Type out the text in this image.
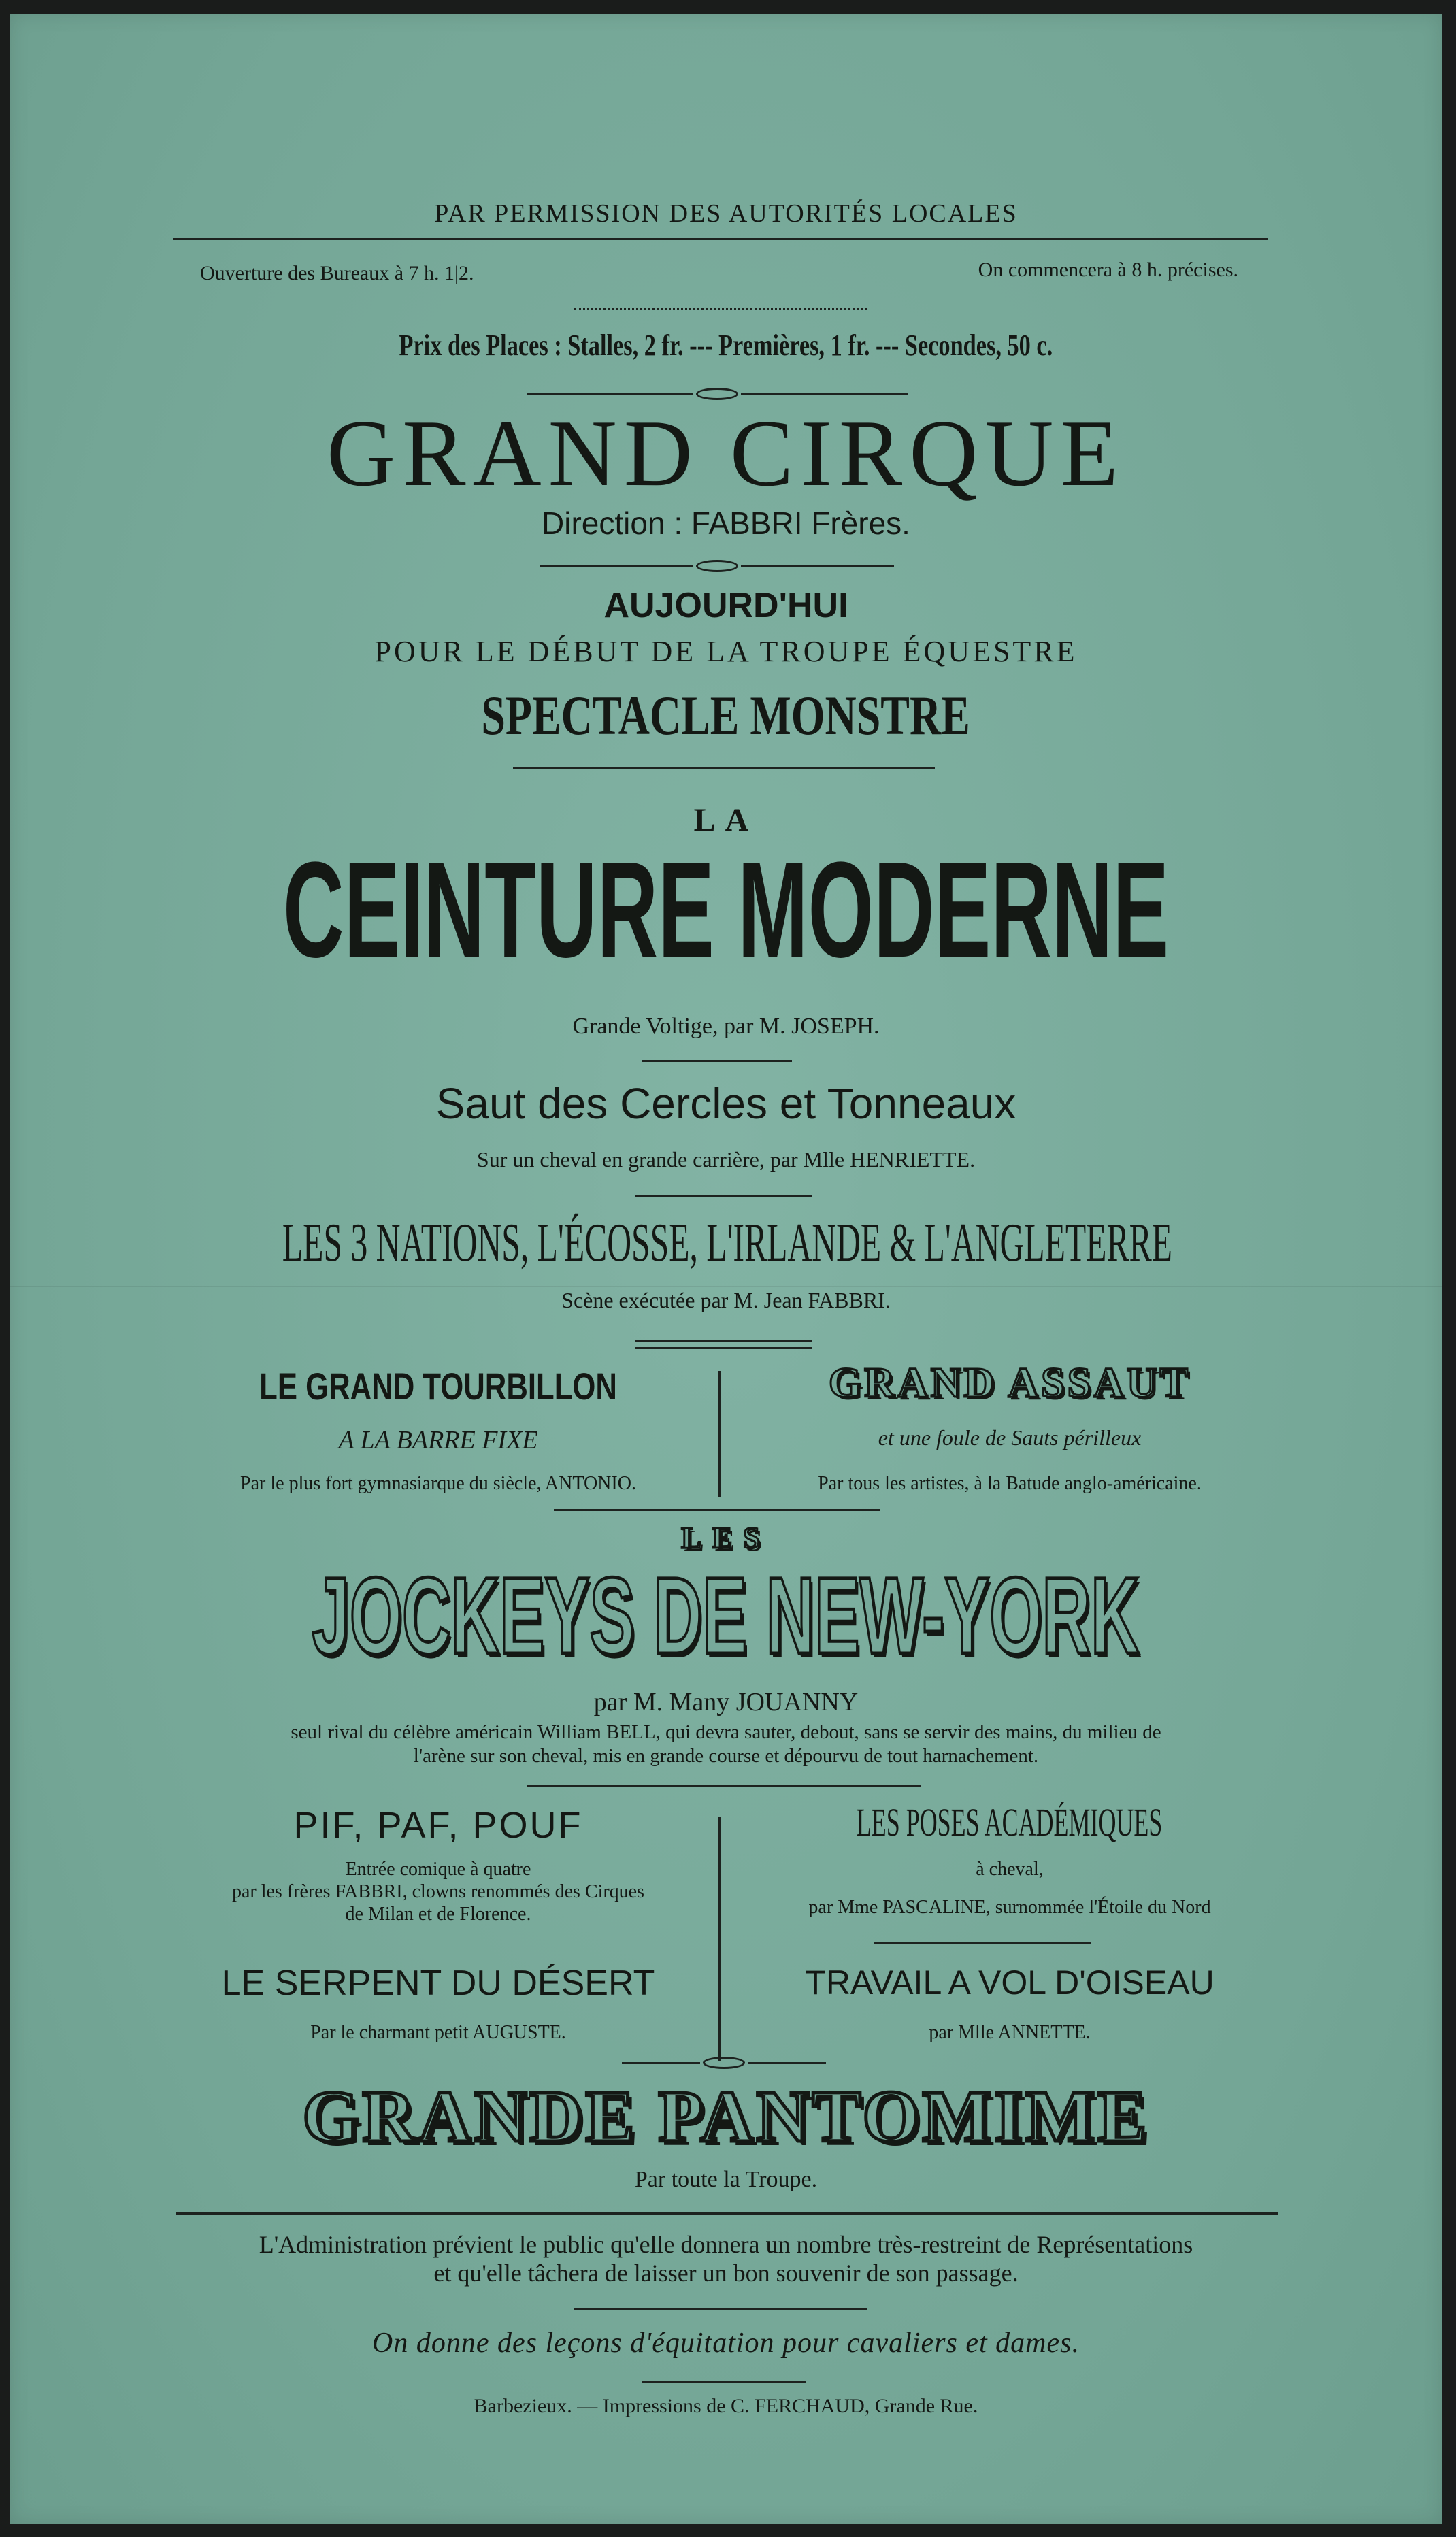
PAR PERMISSION DES AUTORITÉS LOCALES
Ouverture des Bureaux à 7 h. 1|2.	On commencera à 8 h. précises.
Prix des Places : Stalles, 2 fr. --- Premières, 1 fr. --- Secondes, 50 c.
GRAND CIRQUE
Direction : FABBRI Frères.
AUJOURD'HUI
POUR LE DÉBUT DE LA TROUPE ÉQUESTRE
SPECTACLE MONSTRE
LA
CEINTURE MODERNE
Grande Voltige, par M. JOSEPH.
Saut des Cercles et Tonneaux
Sur un cheval en grande carrière, par Mlle HENRIETTE.
LES 3 NATIONS, L'ÉCOSSE, L'IRLANDE & L'ANGLETERRE
Scène exécutée par M. Jean FABBRI.
LE GRAND TOURBILLON
A LA BARRE FIXE
Par le plus fort gymnasiarque du siècle, ANTONIO.
GRAND ASSAUT
et une foule de Sauts périlleux
Par tous les artistes, à la Batude anglo-américaine.
LES
JOCKEYS DE NEW-YORK
par M. Many JOUANNY
seul rival du célèbre américain William BELL, qui devra sauter, debout, sans se servir des mains, du milieu de
l'arène sur son cheval, mis en grande course et dépourvu de tout harnachement.
PIF, PAF, POUF
Entrée comique à quatre
par les frères FABBRI, clowns renommés des Cirques
de Milan et de Florence.
LES POSES ACADÉMIQUES
à cheval,
par Mme PASCALINE, surnommée l'Étoile du Nord
LE SERPENT DU DÉSERT
Par le charmant petit AUGUSTE.
TRAVAIL A VOL D'OISEAU
par Mlle ANNETTE.
GRANDE PANTOMIME
Par toute la Troupe.
L'Administration prévient le public qu'elle donnera un nombre très-restreint de Représentations
et qu'elle tâchera de laisser un bon souvenir de son passage.
On donne des leçons d'équitation pour cavaliers et dames.
Barbezieux. — Impressions de C. FERCHAUD, Grande Rue.
